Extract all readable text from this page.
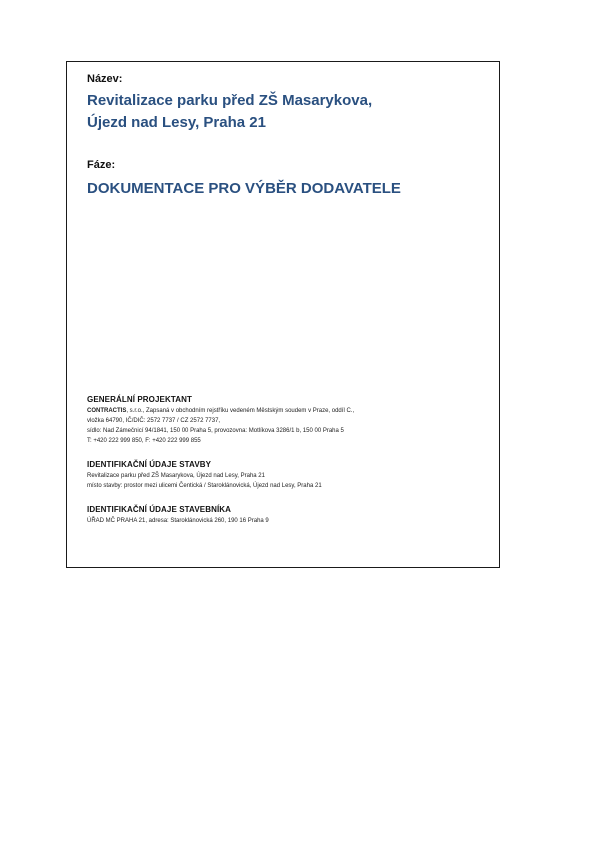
Název:
Revitalizace parku před ZŠ Masarykova,
Újezd nad Lesy, Praha 21
Fáze:
DOKUMENTACE PRO VÝBĚR DODAVATELE
GENERÁLNÍ PROJEKTANT
CONTRACTIS, s.r.o., Zapsaná v obchodním rejstříku vedeném Městským soudem v Praze, oddíl C.,
vložka 64790, IČ/DIČ: 2572 7737 / CZ 2572 7737,
sídlo: Nad Zámečnicí 94/1841, 150 00 Praha 5, provozovna: Motlíkova 3286/1 b, 150 00 Praha 5
T: +420 222 999 850, F: +420 222 999 855
IDENTIFIKAČNÍ ÚDAJE STAVBY
Revitalizace parku před ZŠ Masarykova, Újezd nad Lesy, Praha 21
místo stavby: prostor mezi ulicemi Čentická / Staroklánovická, Újezd nad Lesy, Praha 21
IDENTIFIKAČNÍ ÚDAJE STAVEBNÍKA
ÚŘAD MČ PRAHA 21, adresa: Staroklánovická 260, 190 16 Praha 9
